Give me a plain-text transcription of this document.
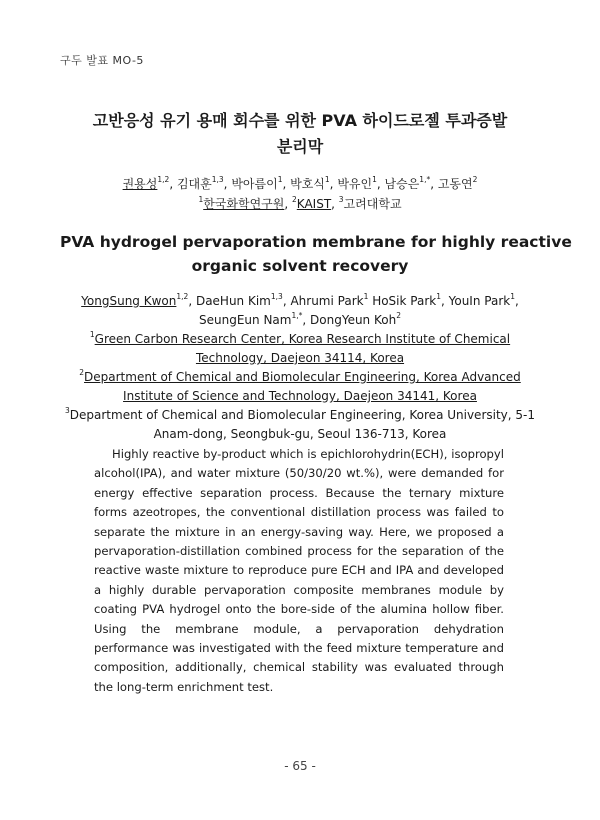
구두 발표 MO-5
고반응성 유기 용매 회수를 위한 PVA 하이드로젤 투과증발
분리막
권용성$^{1,2}$, 김대훈$^{1,3}$, 박아름이$^1$, 박호식$^1$, 박유인$^1$, 남승은$^{1,*}$, 고동연$^2$
$^1$한국화학연구원, $^2$KAIST, $^3$고려대학교
PVA hydrogel pervaporation membrane for highly reactive
organic solvent recovery
YongSung Kwon$^{1,2}$, DaeHun Kim$^{1,3}$, Ahrumi Park$^1$ HoSik Park$^1$, YouIn Park$^1$,
SeungEun Nam$^{1,*}$, DongYeun Koh$^2$
$^1$Green Carbon Research Center, Korea Research Institute of Chemical
Technology, Daejeon 34114, Korea
$^2$Department of Chemical and Biomolecular Engineering, Korea Advanced
Institute of Science and Technology, Daejeon 34141, Korea
$^3$Department of Chemical and Biomolecular Engineering, Korea University, 5-1
Anam-dong, Seongbuk-gu, Seoul 136-713, Korea

Highly reactive by-product which is epichlorohydrin(ECH), isopropyl alcohol(IPA), and water mixture (50/30/20 wt.%), were demanded for energy effective separation process. Because the ternary mixture forms azeotropes, the conventional distillation process was failed to separate the mixture in an energy-saving way. Here, we proposed a pervaporation-distillation combined process for the separation of the reactive waste mixture to reproduce pure ECH and IPA and developed a highly durable pervaporation composite membranes module by coating PVA hydrogel onto the bore-side of the alumina hollow fiber. Using the membrane module, a pervaporation dehydration performance was investigated with the feed mixture temperature and composition, additionally, chemical stability was evaluated through the long-term enrichment test.

- 65 -
